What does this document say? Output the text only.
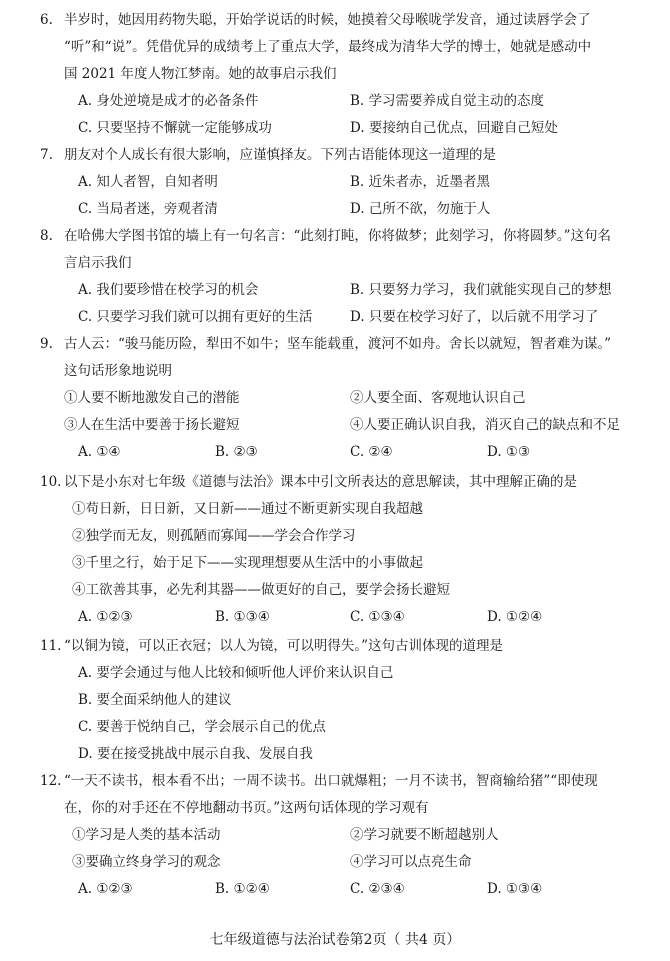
6. 半岁时，她因用药物失聪，开始学说话的时候，她摸着父母喉咙学发音，通过读唇学会了
“听”和“说”。凭借优异的成绩考上了重点大学，最终成为清华大学的博士，她就是感动中
国 2021 年度人物江梦南。她的故事启示我们
A. 身处逆境是成才的必备条件	B. 学习需要养成自觉主动的态度
C. 只要坚持不懈就一定能够成功	D. 要接纳自己优点，回避自己短处
7. 朋友对个人成长有很大影响，应谨慎择友。下列古语能体现这一道理的是
A. 知人者智，自知者明	B. 近朱者赤，近墨者黑
C. 当局者迷，旁观者清	D. 己所不欲，勿施于人
8. 在哈佛大学图书馆的墙上有一句名言：“此刻打盹，你将做梦；此刻学习，你将圆梦。”这句名
言启示我们
A. 我们要珍惜在校学习的机会	B. 只要努力学习，我们就能实现自己的梦想
C. 只要学习我们就可以拥有更好的生活	D. 只要在校学习好了，以后就不用学习了
9. 古人云：“骏马能历险，犁田不如牛；坚车能载重，渡河不如舟。舍长以就短，智者难为谋。”
这句话形象地说明
①人要不断地激发自己的潜能	②人要全面、客观地认识自己
③人在生活中要善于扬长避短	④人要正确认识自我，消灭自己的缺点和不足
A. ①④	B. ②③	C. ②④	D. ①③
10. 以下是小东对七年级《道德与法治》课本中引文所表达的意思解读，其中理解正确的是
①苟日新，日日新，又日新——通过不断更新实现自我超越
②独学而无友，则孤陋而寡闻——学会合作学习
③千里之行，始于足下——实现理想要从生活中的小事做起
④工欲善其事，必先利其器——做更好的自己，要学会扬长避短
A. ①②③	B. ①③④	C. ①③④	D. ①②④
11. “以铜为镜，可以正衣冠；以人为镜，可以明得失。”这句古训体现的道理是
A. 要学会通过与他人比较和倾听他人评价来认识自己
B. 要全面采纳他人的建议
C. 要善于悦纳自己，学会展示自己的优点
D. 要在接受挑战中展示自我、发展自我
12. “一天不读书，根本看不出；一周不读书。出口就爆粗；一月不读书，智商输给猪”“即使现
在，你的对手还在不停地翻动书页。”这两句话体现的学习观有
①学习是人类的基本活动	②学习就要不断超越别人
③要确立终身学习的观念	④学习可以点亮生命
A. ①②③	B. ①②④	C. ②③④	D. ①③④
七年级道德与法治试卷第2页（ 共4 页）
